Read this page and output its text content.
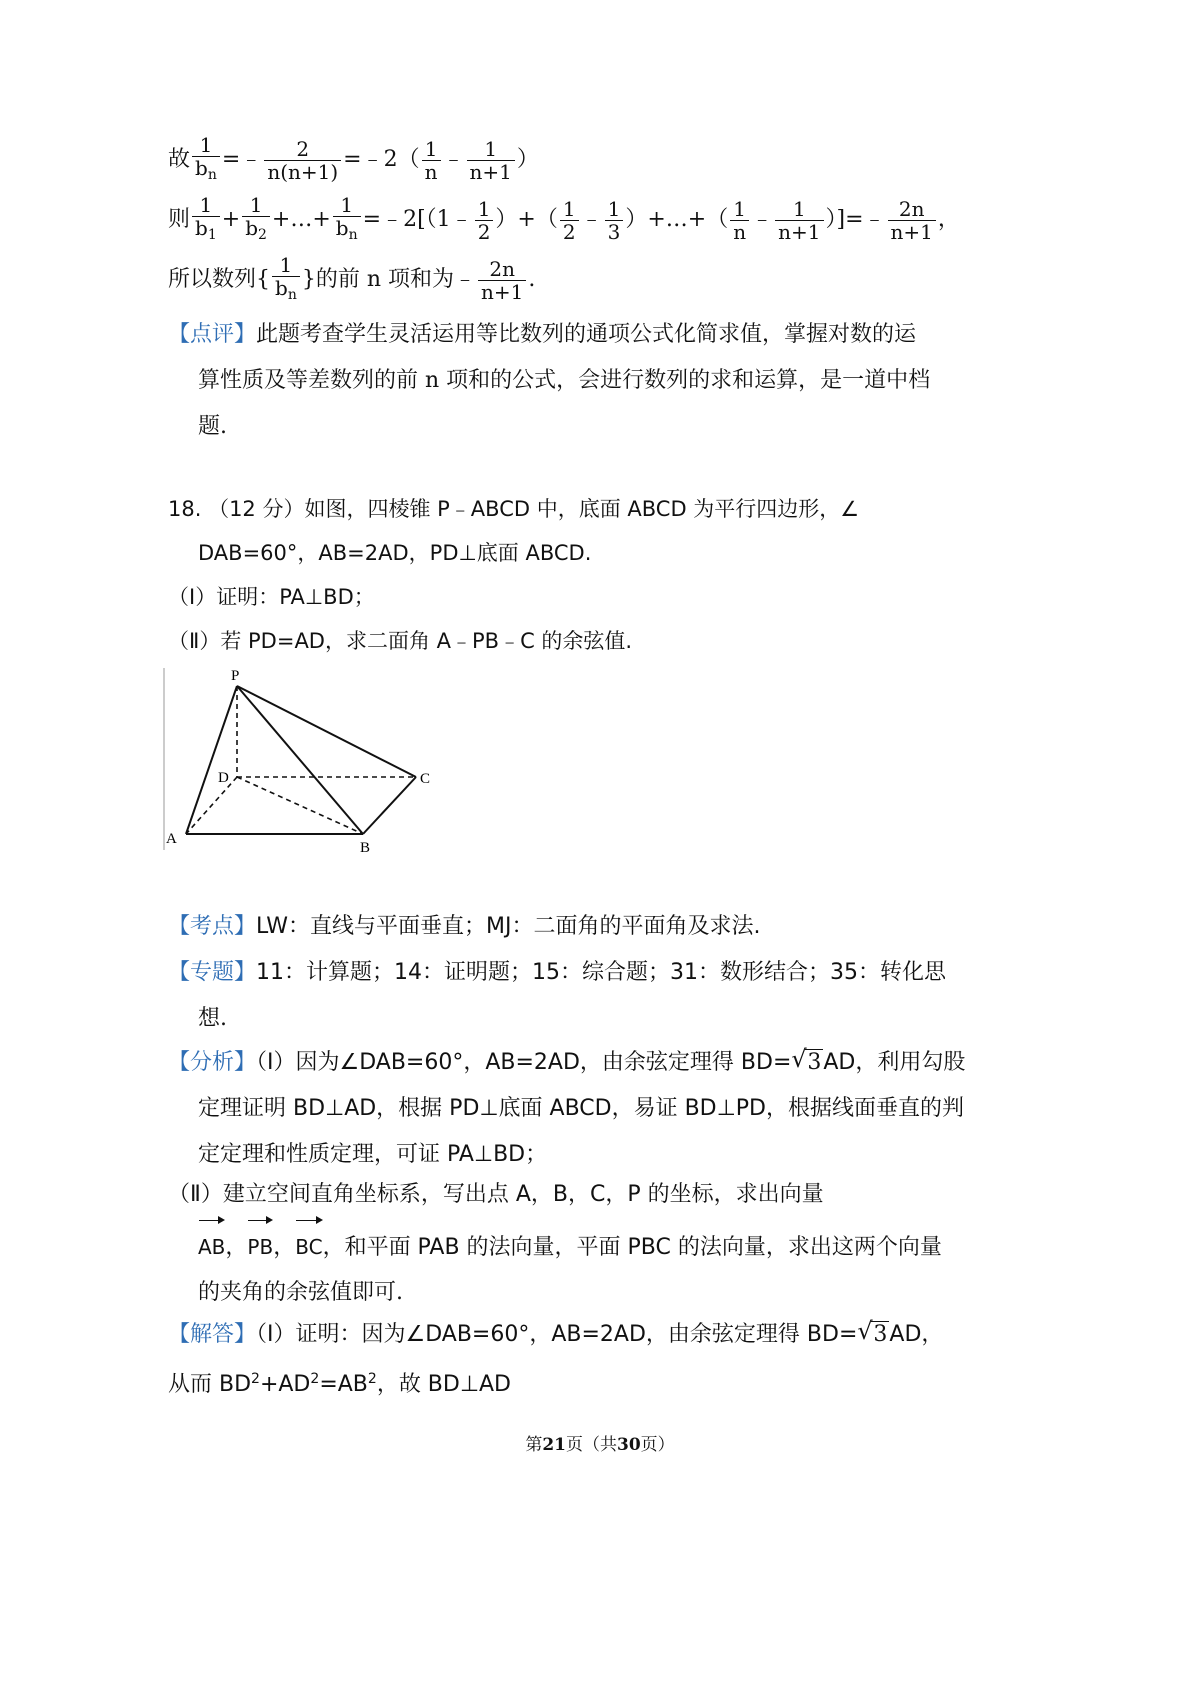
故 $\frac{1}{b_n}$ =﹣ $\frac{2}{n(n+1)}$ =﹣2（ $\frac{1}{n}$ ﹣ $\frac{1}{n+1}$ ）
则 $\frac{1}{b_1} + \frac{1}{b_2}$ +…+ $\frac{1}{b_n}$ =﹣2[（1﹣ $\frac{1}{2}$ ）+（ $\frac{1}{2}$ ﹣ $\frac{1}{3}$ ）+…+（ $\frac{1}{n}$ ﹣ $\frac{1}{n+1}$ ）]=﹣ $\frac{2n}{n+1}$ ，
所以数列{ $\frac{1}{b_n}$ }的前 n 项和为﹣ $\frac{2n}{n+1}$ .
【点评】此题考查学生灵活运用等比数列的通项公式化简求值，掌握对数的运
算性质及等差数列的前 n 项和的公式，会进行数列的求和运算，是一道中档
题.
18. （12 分）如图，四棱锥 P﹣ABCD 中，底面 ABCD 为平行四边形，∠
DAB=60°，AB=2AD，PD⊥底面 ABCD.
（Ⅰ）证明：PA⊥BD；
（Ⅱ）若 PD=AD，求二面角 A﹣PB﹣C 的余弦值.
P
D	C
A
B
【考点】LW：直线与平面垂直；MJ：二面角的平面角及求法.
【专题】11：计算题；14：证明题；15：综合题；31：数形结合；35：转化思
想.
【分析】（Ⅰ）因为∠DAB=60°，AB=2AD，由余弦定理得 BD= √ 3AD，利用勾股
定理证明 BD⊥AD，根据 PD⊥底面 ABCD，易证 BD⊥PD，根据线面垂直的判
定定理和性质定理，可证 PA⊥BD；
（Ⅱ）建立空间直角坐标系，写出点 A，B，C，P 的坐标，求出向量
AB，PB，BC，和平面 PAB 的法向量，平面 PBC 的法向量，求出这两个向量
的夹角的余弦值即可.
【解答】（Ⅰ）证明：因为∠DAB=60°，AB=2AD，由余弦定理得 BD= √ 3AD，
从而 $BD^2+AD^2=AB^2$，故 BD⊥AD
第21页（共30页）
